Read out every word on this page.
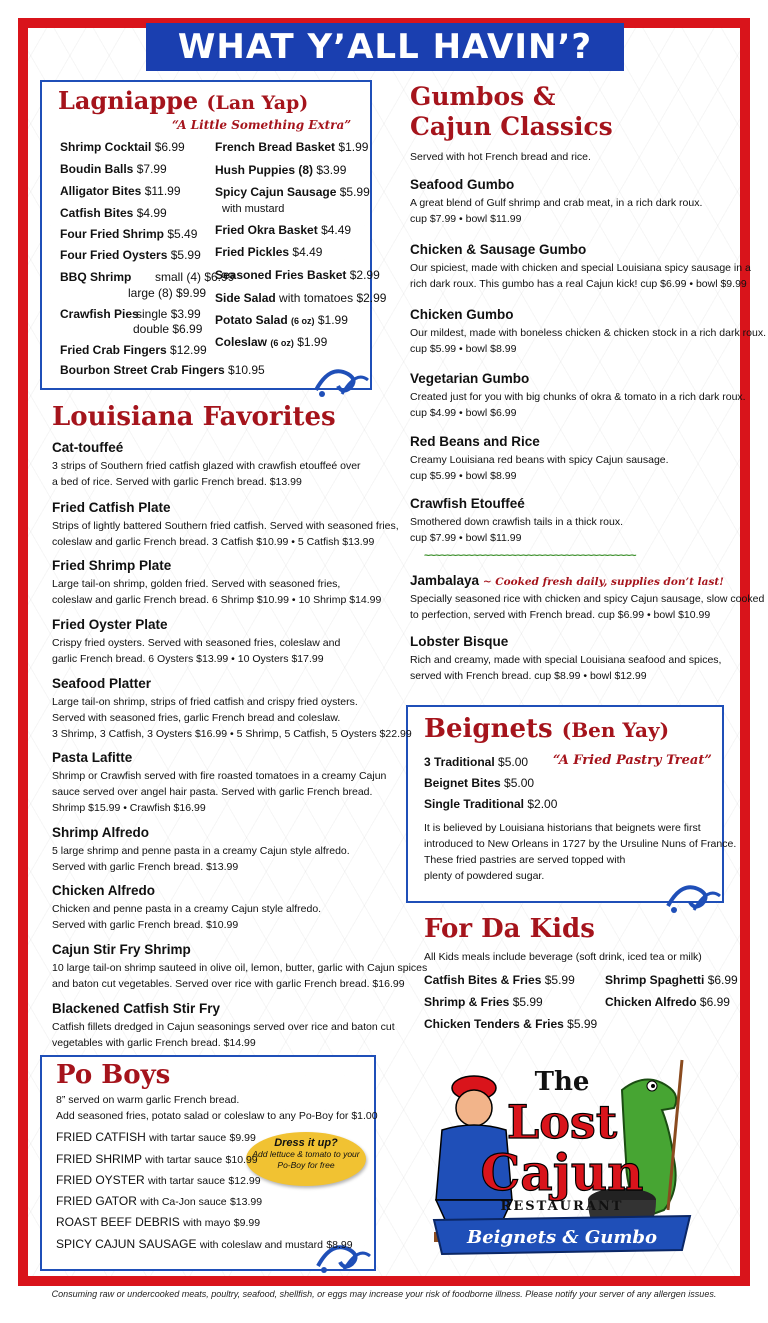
WHAT Y’ALL HAVIN’?
Lagniappe (Lan Yap)
“A Little Something Extra”
BBQ Shrimp small (4) $6.99
large (8) $9.99
Crawfish Pies
single $3.99
double $6.99
Fried Crab Fingers $12.99
Bourbon Street Crab Fingers $10.95
Spicy Cajun Sausage $5.99
with mustard
Side Salad with tomatoes $2.99
Potato Salad (6 oz) $1.99
Coleslaw (6 oz) $1.99
Louisiana Favorites
Po Boys
8” served on warm garlic French bread.
Add seasoned fries, potato salad or coleslaw to any Po-Boy for $1.00
Dress it up?
Add lettuce & tomato to your
Po-Boy for free
Gumbos &
Cajun Classics
Served with hot French bread and rice.
~~~~~~~~~~~~~~~~~~~~~~~~~~~~~~~~~~~~~~~
Jambalaya ~ Cooked fresh daily, supplies don’t last!
Specially seasoned rice with chicken and spicy Cajun sausage, slow cooked
to perfection, served with French bread. cup $6.99 • bowl $10.99
Lobster Bisque
Rich and creamy, made with special Louisiana seafood and spices,
served with French bread. cup $8.99 • bowl $12.99
Beignets (Ben Yay)
“A Fried Pastry Treat”
For Da Kids
All Kids meals include beverage (soft drink, iced tea or milk)
The
Lost
Cajun
RESTAURANT
Beignets & Gumbo
Consuming raw or undercooked meats, poultry, seafood, shellfish, or eggs may increase your risk of foodborne illness. Please notify your server of any allergen issues.
Shrimp Cocktail $6.99
Boudin Balls $7.99
Alligator Bites $11.99
Catfish Bites $4.99
Four Fried Shrimp $5.49
Four Fried Oysters $5.99
French Bread Basket $1.99
Hush Puppies (8) $3.99
Fried Okra Basket $4.49
Fried Pickles $4.49
Seasoned Fries Basket $2.99
Cat-touffeé
3 strips of Southern fried catfish glazed with crawfish etouffeé over
a bed of rice. Served with garlic French bread. $13.99
Fried Catfish Plate
Strips of lightly battered Southern fried catfish. Served with seasoned fries,
coleslaw and garlic French bread. 3 Catfish $10.99 • 5 Catfish $13.99
Fried Shrimp Plate
Large tail-on shrimp, golden fried. Served with seasoned fries,
coleslaw and garlic French bread. 6 Shrimp $10.99 • 10 Shrimp $14.99
Fried Oyster Plate
Crispy fried oysters. Served with seasoned fries, coleslaw and
garlic French bread. 6 Oysters $13.99 • 10 Oysters $17.99
Seafood Platter
Large tail-on shrimp, strips of fried catfish and crispy fried oysters.
Served with seasoned fries, garlic French bread and coleslaw.
3 Shrimp, 3 Catfish, 3 Oysters $16.99 • 5 Shrimp, 5 Catfish, 5 Oysters $22.99
Pasta Lafitte
Shrimp or Crawfish served with fire roasted tomatoes in a creamy Cajun
sauce served over angel hair pasta. Served with garlic French bread.
Shrimp $15.99 • Crawfish $16.99
Shrimp Alfredo
5 large shrimp and penne pasta in a creamy Cajun style alfredo.
Served with garlic French bread. $13.99
Chicken Alfredo
Chicken and penne pasta in a creamy Cajun style alfredo.
Served with garlic French bread. $10.99
Cajun Stir Fry Shrimp
10 large tail-on shrimp sauteed in olive oil, lemon, butter, garlic with Cajun spices
and baton cut vegetables. Served over rice with garlic French bread. $16.99
Blackened Catfish Stir Fry
Catfish fillets dredged in Cajun seasonings served over rice and baton cut
vegetables with garlic French bread. $14.99
FRIED CATFISH with tartar sauce $9.99
FRIED SHRIMP with tartar sauce $10.99
FRIED OYSTER with tartar sauce $12.99
FRIED GATOR with Ca-Jon sauce $13.99
ROAST BEEF DEBRIS with mayo $9.99
SPICY CAJUN SAUSAGE with coleslaw and mustard $8.99
Seafood Gumbo
A great blend of Gulf shrimp and crab meat, in a rich dark roux.
cup $7.99 • bowl $11.99
Chicken & Sausage Gumbo
Our spiciest, made with chicken and special Louisiana spicy sausage in a
rich dark roux. This gumbo has a real Cajun kick! cup $6.99 • bowl $9.99
Chicken Gumbo
Our mildest, made with boneless chicken & chicken stock in a rich dark roux.
cup $5.99 • bowl $8.99
Vegetarian Gumbo
Created just for you with big chunks of okra & tomato in a rich dark roux.
cup $4.99 • bowl $6.99
Red Beans and Rice
Creamy Louisiana red beans with spicy Cajun sausage.
cup $5.99 • bowl $8.99
Crawfish Etouffeé
Smothered down crawfish tails in a thick roux.
cup $7.99 • bowl $11.99
3 Traditional $5.00
Beignet Bites $5.00
Single Traditional $2.00
It is believed by Louisiana historians that beignets were first
introduced to New Orleans in 1727 by the Ursuline Nuns of France.
These fried pastries are served topped with
plenty of powdered sugar.
Catfish Bites & Fries $5.99
Shrimp & Fries $5.99
Chicken Tenders & Fries $5.99
Shrimp Spaghetti $6.99
Chicken Alfredo $6.99
